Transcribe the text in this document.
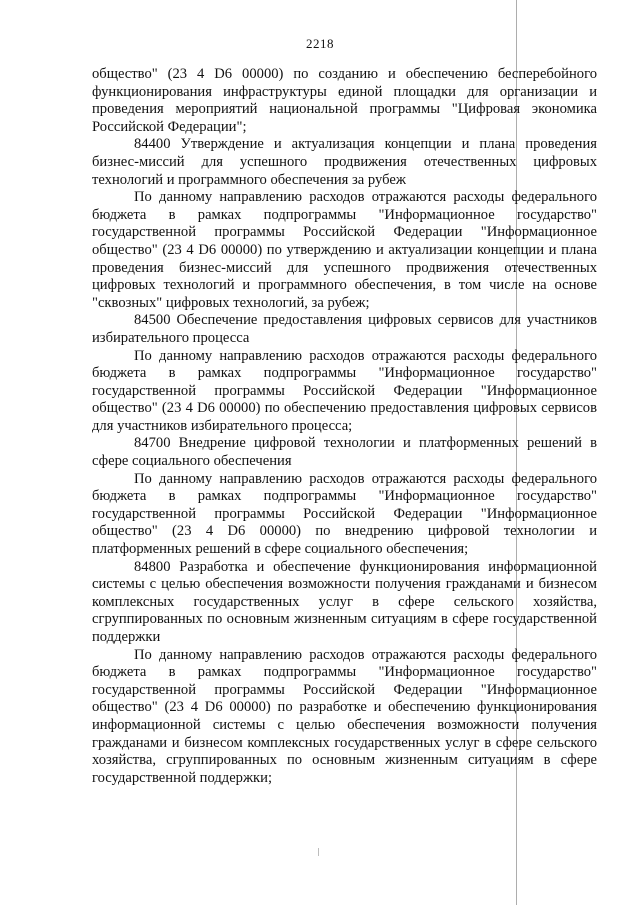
2218

общество" (23 4 D6 00000) по созданию и обеспечению бесперебойного функционирования инфраструктуры единой площадки для организации и проведения мероприятий национальной программы "Цифровая экономика Российской Федерации";

84400 Утверждение и актуализация концепции и плана проведения бизнес-миссий для успешного продвижения отечественных цифровых технологий и программного обеспечения за рубеж

По данному направлению расходов отражаются расходы федерального бюджета в рамках подпрограммы "Информационное государство" государственной программы Российской Федерации "Информационное общество" (23 4 D6 00000) по утверждению и актуализации концепции и плана проведения бизнес-миссий для успешного продвижения отечественных цифровых технологий и программного обеспечения, в том числе на основе "сквозных" цифровых технологий, за рубеж;

84500 Обеспечение предоставления цифровых сервисов для участников избирательного процесса

По данному направлению расходов отражаются расходы федерального бюджета в рамках подпрограммы "Информационное государство" государственной программы Российской Федерации "Информационное общество" (23 4 D6 00000) по обеспечению предоставления цифровых сервисов для участников избирательного процесса;

84700 Внедрение цифровой технологии и платформенных решений в сфере социального обеспечения

По данному направлению расходов отражаются расходы федерального бюджета в рамках подпрограммы "Информационное государство" государственной программы Российской Федерации "Информационное общество" (23 4 D6 00000) по внедрению цифровой технологии и платформенных решений в сфере социального обеспечения;

84800 Разработка и обеспечение функционирования информационной системы с целью обеспечения возможности получения гражданами и бизнесом комплексных государственных услуг в сфере сельского хозяйства, сгруппированных по основным жизненным ситуациям в сфере государственной поддержки

По данному направлению расходов отражаются расходы федерального бюджета в рамках подпрограммы "Информационное государство" государственной программы Российской Федерации "Информационное общество" (23 4 D6 00000) по разработке и обеспечению функционирования информационной системы с целью обеспечения возможности получения гражданами и бизнесом комплексных государственных услуг в сфере сельского хозяйства, сгруппированных по основным жизненным ситуациям в сфере государственной поддержки;
